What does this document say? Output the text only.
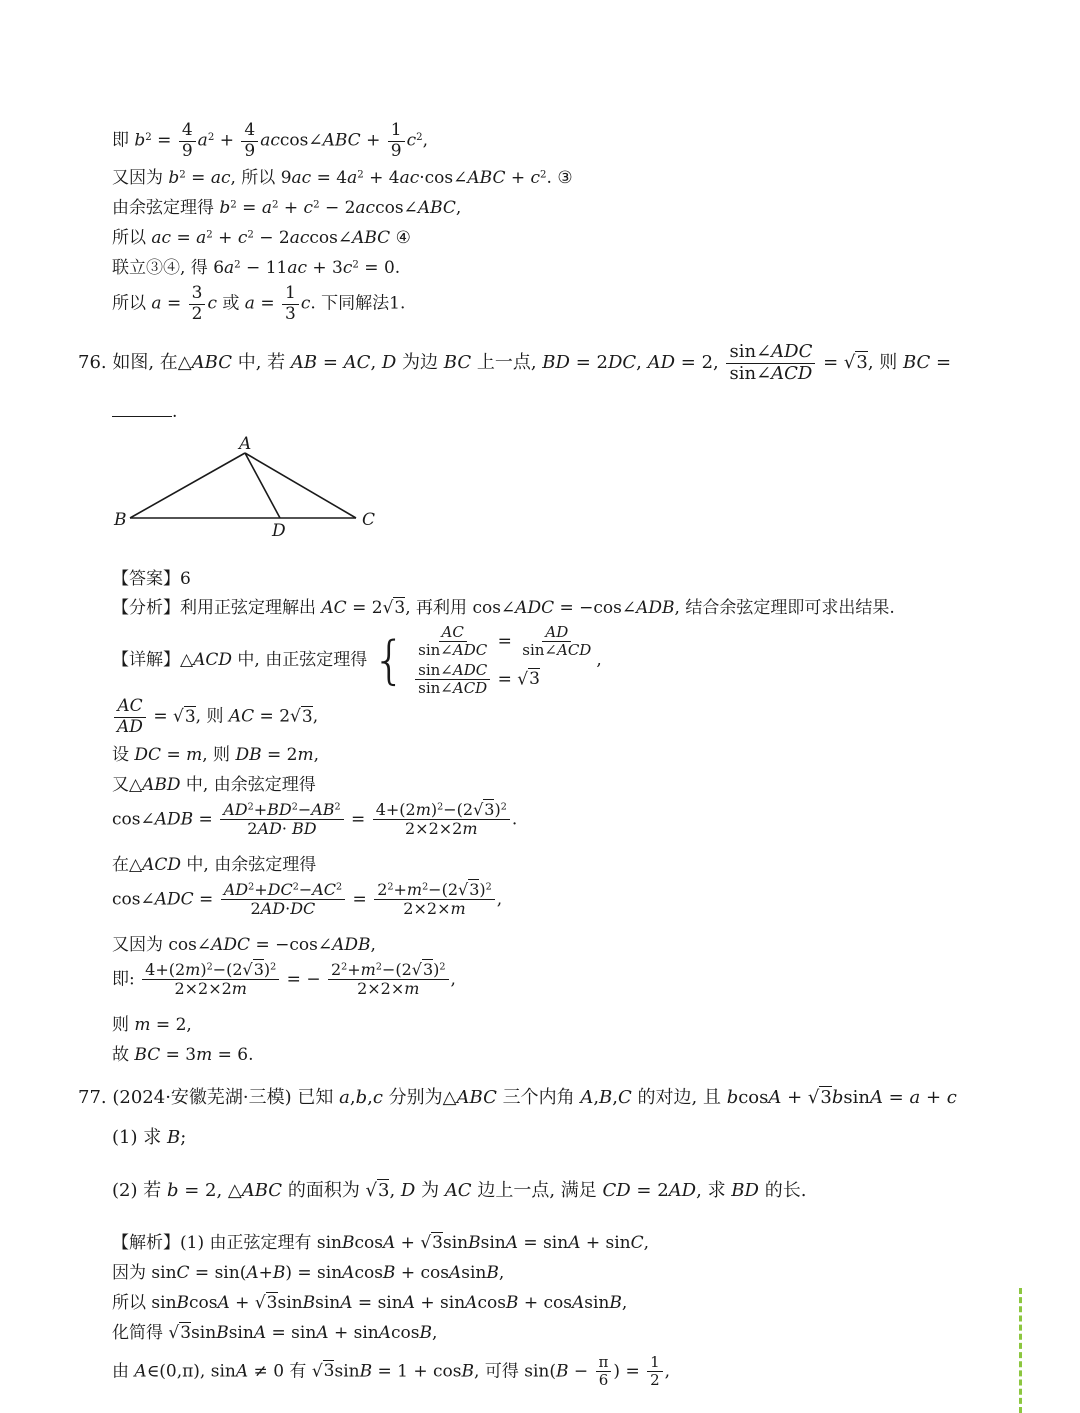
即 $b^2 = \frac{4}{9} a^2 + \frac{4}{9}$ accos∠ABC + $\frac{1}{9} c^2$,
又因为 $b^2$ = ac, 所以 $9ac = 4a^2$ + 4ac·cos∠ABC + $c^2$. ③
由余弦定理得 $b^2 = a^2 + c^2$ − 2accos∠ABC,
所以 ac = $a^2 + c^2$ − 2accos∠ABC ④
联立③④, 得 $6a^2 - 11ac + 3c^2 = 0$.
所以 $a = \frac{3}{2}$ c 或 $a = \frac{1}{3} c$. 下同解法1.
76. 如图, 在△ABC 中, 若 AB = AC, D 为边 BC 上一点, BD = 2DC, AD = 2, $\frac{\text{sin∠ADC}}{\text{sin∠ACD}} = √3$, 则 BC =
.
A
B	C
D
【答案】6
【分析】利用正弦定理解出 AC = 2√3, 再利用 cos∠ADC = −cos∠ADB, 结合余弦定理即可求出结果.
【详解】△ACD 中, 由正弦定理得 { $\frac{AC}{\text{sin∠ADC}} = \frac{AD}{\text{sin∠ACD}}$
$\frac{\text{sin∠ADC}}{\text{sin∠ACD}} = √3$
,
$\frac{AC}{AD} = √3$, 则 AC = 2√3,
设 DC = m, 则 DB = 2m,
又△ABD 中, 由余弦定理得
cos∠ADB = $\frac{AD^2+BD^2-AB^2}{2AD\cdot BD} = \frac{4+(2m)^2-(2√3)^2}{2\times 2\times 2m}$ .
在△ACD 中, 由余弦定理得
cos∠ADC = $\frac{AD^2+DC^2-AC^2}{2AD\cdot DC} = \frac{2^2+m^2-(2√3)^2}{2\times 2\times m}$ ,
又因为 cos∠ADC = −cos∠ADB,
即: $\frac{4+(2m)^2-(2√3)^2}{2\times 2\times 2m}$ = − $\frac{2^2+m^2-(2√3)^2}{2\times 2\times m}$ ,
则 m = 2,
故 BC = 3m = 6.
77. (2024·安徽芜湖·三模) 已知 a,b,c 分别为△ABC 三个内角 A,B,C 的对边, 且 bcosA + √3bsinA = a + c
(1) 求 B;
(2) 若 b = 2, △ABC 的面积为 √3, D 为 AC 边上一点, 满足 CD = 2AD, 求 BD 的长.
【解析】(1) 由正弦定理有 sinBcosA + √3sinBsinA = sinA + sinC,
因为 sinC = sin(A+B) = sinAcosB + cosAsinB,
所以 sinBcosA + √3sinBsinA = sinA + sinAcosB + cosAsinB,
化简得 √3sinBsinA = sinA + sinAcosB,
由 A∈(0,π), sinA ≠ 0 有 √3sinB = 1 + cosB, 可得 $\sin(B - \frac{\pi}{6}$ ) = $\frac{1}{2}$ ,
